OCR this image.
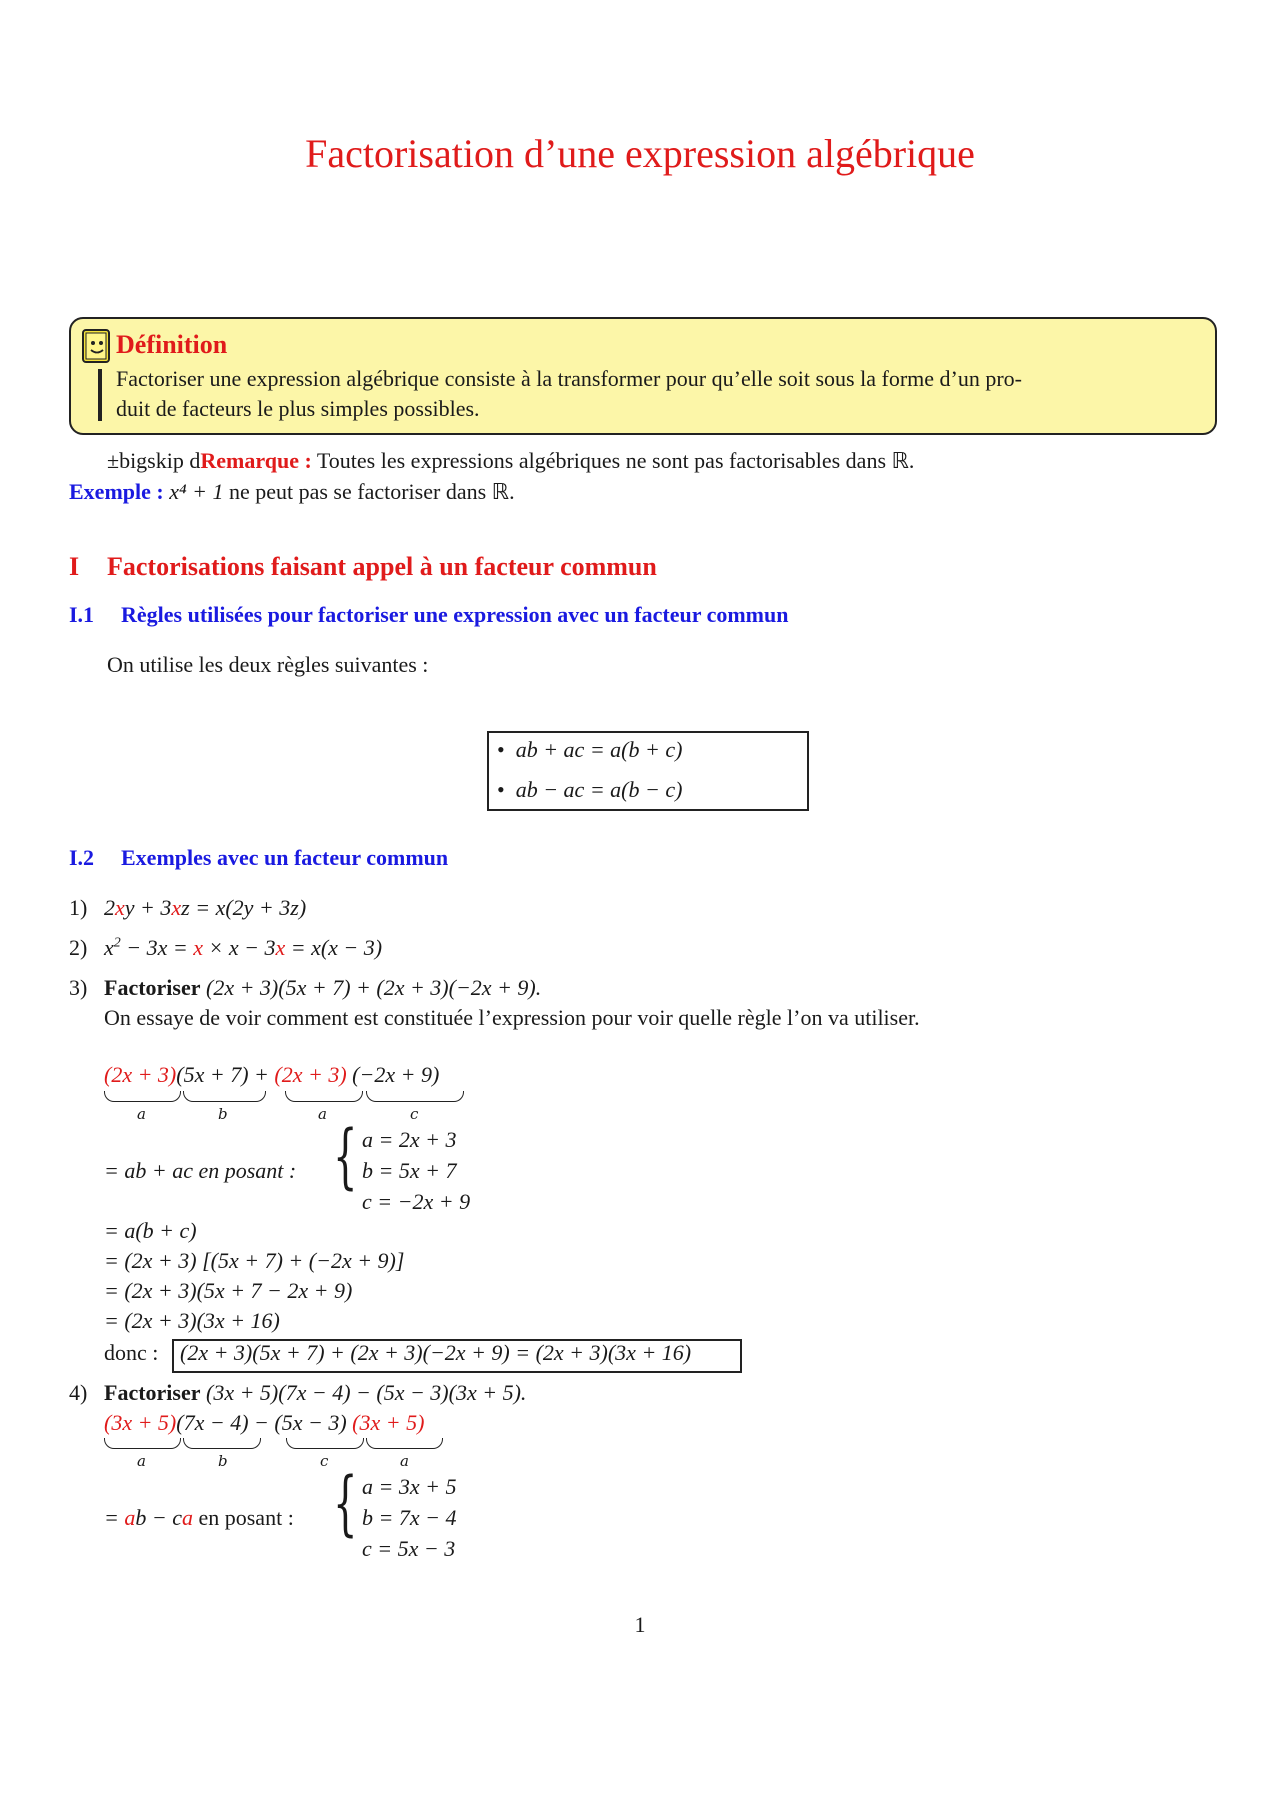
Factorisation d’une expression algébrique
Définition
Factoriser une expression algébrique consiste à la transformer pour qu’elle soit sous la forme d’un pro-
duit de facteurs le plus simples possibles.
±bigskip dRemarque : Toutes les expressions algébriques ne sont pas factorisables dans ℝ.
Exemple : x⁴ + 1 ne peut pas se factoriser dans ℝ.
I Factorisations faisant appel à un facteur commun
I.1 Règles utilisées pour factoriser une expression avec un facteur commun
On utilise les deux règles suivantes :
•  ab + ac = a(b + c)
•  ab − ac = a(b − c)
I.2 Exemples avec un facteur commun
1) 2xy + 3xz = x(2y + 3z)
2) $x^2 - 3x = x \times x - 3x = x(x - 3)$
3) Factoriser (2x + 3)(5x + 7) + (2x + 3)(−2x + 9).
On essaye de voir comment est constituée l’expression pour voir quelle règle l’on va utiliser.
(2x + 3)(5x + 7) + (2x + 3) (−2x + 9)
a	b	a	c
= ab + ac en posant : { a = 2x + 3
b = 5x + 7
c = −2x + 9
= a(b + c)
= (2x + 3) [(5x + 7) + (−2x + 9)]
= (2x + 3)(5x + 7 − 2x + 9)
= (2x + 3)(3x + 16)
donc : (2x + 3)(5x + 7) + (2x + 3)(−2x + 9) = (2x + 3)(3x + 16)
4) Factoriser (3x + 5)(7x − 4) − (5x − 3)(3x + 5).
(3x + 5)(7x − 4) − (5x − 3) (3x + 5)
a	b	c	a
= ab − ca en posant : { a = 3x + 5
b = 7x − 4
c = 5x − 3
1
